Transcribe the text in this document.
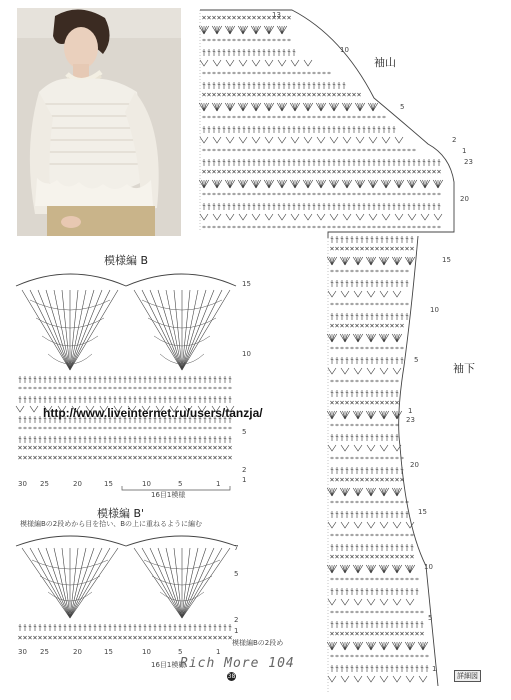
袖山
袖下
13
10
5
2
1
23
20
15
10
5
1
23
20
15
10
5
1
模様編 B
15
10
5
2
1
30 25	20	15	10	5	1
16目1模様
http://www.liveinternet.ru/users/tanzja/
模様編 B'
模様編Bの2段めから目を拾い、Bの上に重ねるように編む
7
5
2
1
模様編Bの2段め
30 25	20	15	10	5	1
16目1模様
Rich More 104
38	詳細図
